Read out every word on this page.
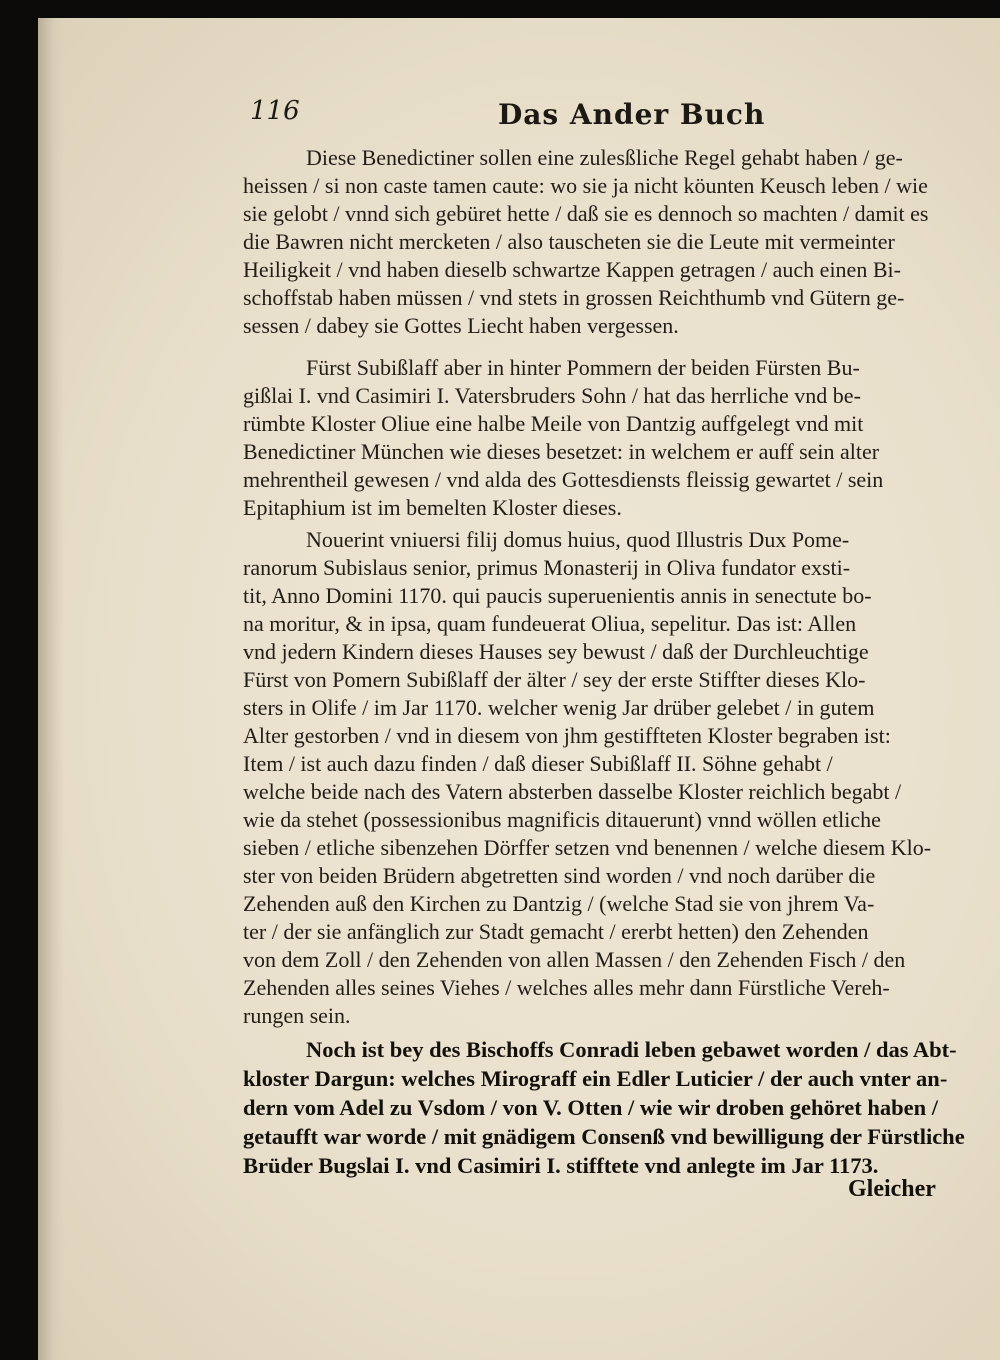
116	Das Ander Buch
Diese Benedictiner sollen eine zulesßliche Regel gehabt haben / ge-
heissen / si non caste tamen caute: wo sie ja nicht köunten Keusch leben / wie
sie gelobt / vnnd sich gebüret hette / daß sie es dennoch so machten / damit es
die Bawren nicht mercketen / also tauscheten sie die Leute mit vermeinter
Heiligkeit / vnd haben dieselb schwartze Kappen getragen / auch einen Bi-
schoffstab haben müssen / vnd stets in grossen Reichthumb vnd Gütern ge-
sessen / dabey sie Gottes Liecht haben vergessen.
Fürst Subißlaff aber in hinter Pommern der beiden Fürsten Bu-
gißlai I. vnd Casimiri I. Vatersbruders Sohn / hat das herrliche vnd be-
rümbte Kloster Oliue eine halbe Meile von Dantzig auffgelegt vnd mit
Benedictiner München wie dieses besetzet: in welchem er auff sein alter
mehrentheil gewesen / vnd alda des Gottesdiensts fleissig gewartet / sein
Epitaphium ist im bemelten Kloster dieses.
Nouerint vniuersi filij domus huius, quod Illustris Dux Pome-
ranorum Subislaus senior, primus Monasterij in Oliva fundator exsti-
tit, Anno Domini 1170. qui paucis superuenientis annis in senectute bo-
na moritur, & in ipsa, quam fundeuerat Oliua, sepelitur. Das ist: Allen
vnd jedern Kindern dieses Hauses sey bewust / daß der Durchleuchtige
Fürst von Pomern Subißlaff der älter / sey der erste Stiffter dieses Klo-
sters in Olife / im Jar 1170. welcher wenig Jar drüber gelebet / in gutem
Alter gestorben / vnd in diesem von jhm gestiffteten Kloster begraben ist:
Item / ist auch dazu finden / daß dieser Subißlaff II. Söhne gehabt /
welche beide nach des Vatern absterben dasselbe Kloster reichlich begabt /
wie da stehet (possessionibus magnificis ditauerunt) vnnd wöllen etliche
sieben / etliche sibenzehen Dörffer setzen vnd benennen / welche diesem Klo-
ster von beiden Brüdern abgetretten sind worden / vnd noch darüber die
Zehenden auß den Kirchen zu Dantzig / (welche Stad sie von jhrem Va-
ter / der sie anfänglich zur Stadt gemacht / ererbt hetten) den Zehenden
von dem Zoll / den Zehenden von allen Massen / den Zehenden Fisch / den
Zehenden alles seines Viehes / welches alles mehr dann Fürstliche Vereh-
rungen sein.
Noch ist bey des Bischoffs Conradi leben gebawet worden / das Abt-
kloster Dargun: welches Mirograff ein Edler Luticier / der auch vnter an-
dern vom Adel zu Vsdom / von V. Otten / wie wir droben gehöret haben /
getaufft war worde / mit gnädigem Consenß vnd bewilligung der Fürstliche
Brüder Bugslai I. vnd Casimiri I. stifftete vnd anlegte im Jar 1173.
Gleicher
